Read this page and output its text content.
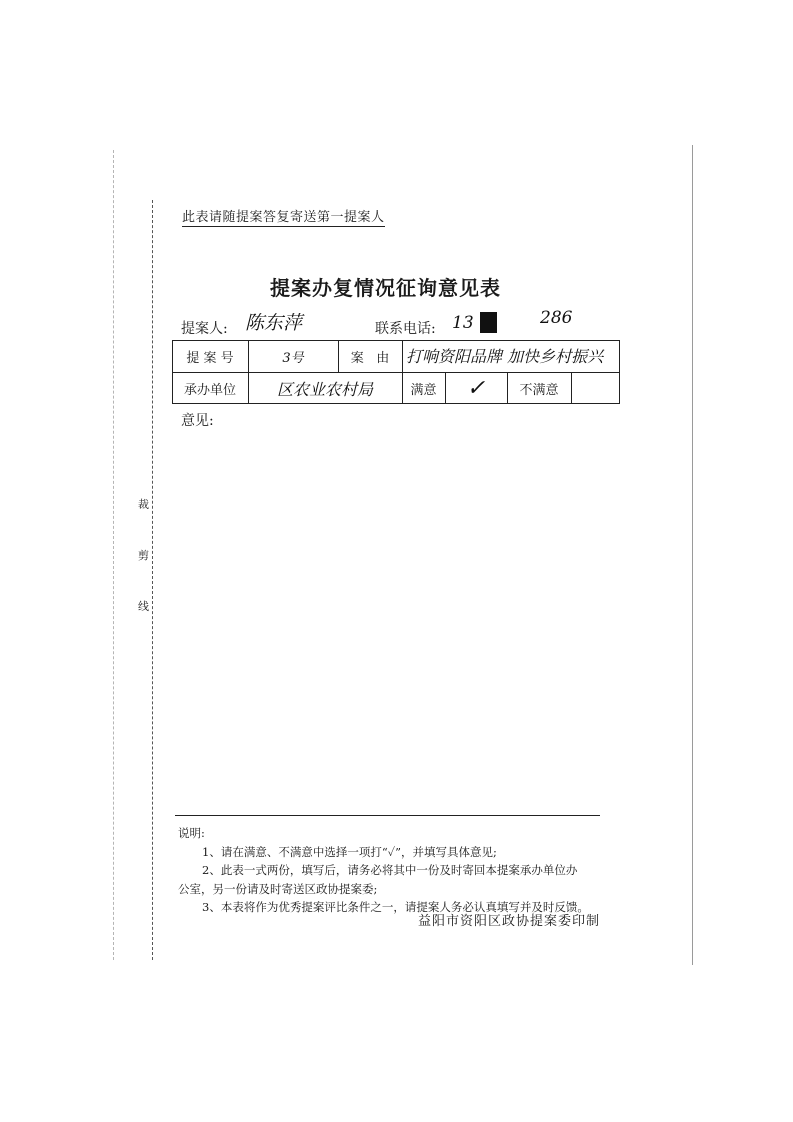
裁
剪
线
此表请随提案答复寄送第一提案人
提案办复情况征询意见表
提案人: 陈东萍	联系电话: 13	286
提 案 号	3号	案   由	打响资阳品牌 加快乡村振兴
承办单位	区农业农村局	满意	✓	不满意
意见:

说明:

1、请在满意、不满意中选择一项打“✓”，并填写具体意见;

2、此表一式两份，填写后，请务必将其中一份及时寄回本提案承办单位办

公室，另一份请及时寄送区政协提案委;

3、本表将作为优秀提案评比条件之一，请提案人务必认真填写并及时反馈。

益阳市资阳区政协提案委印制
